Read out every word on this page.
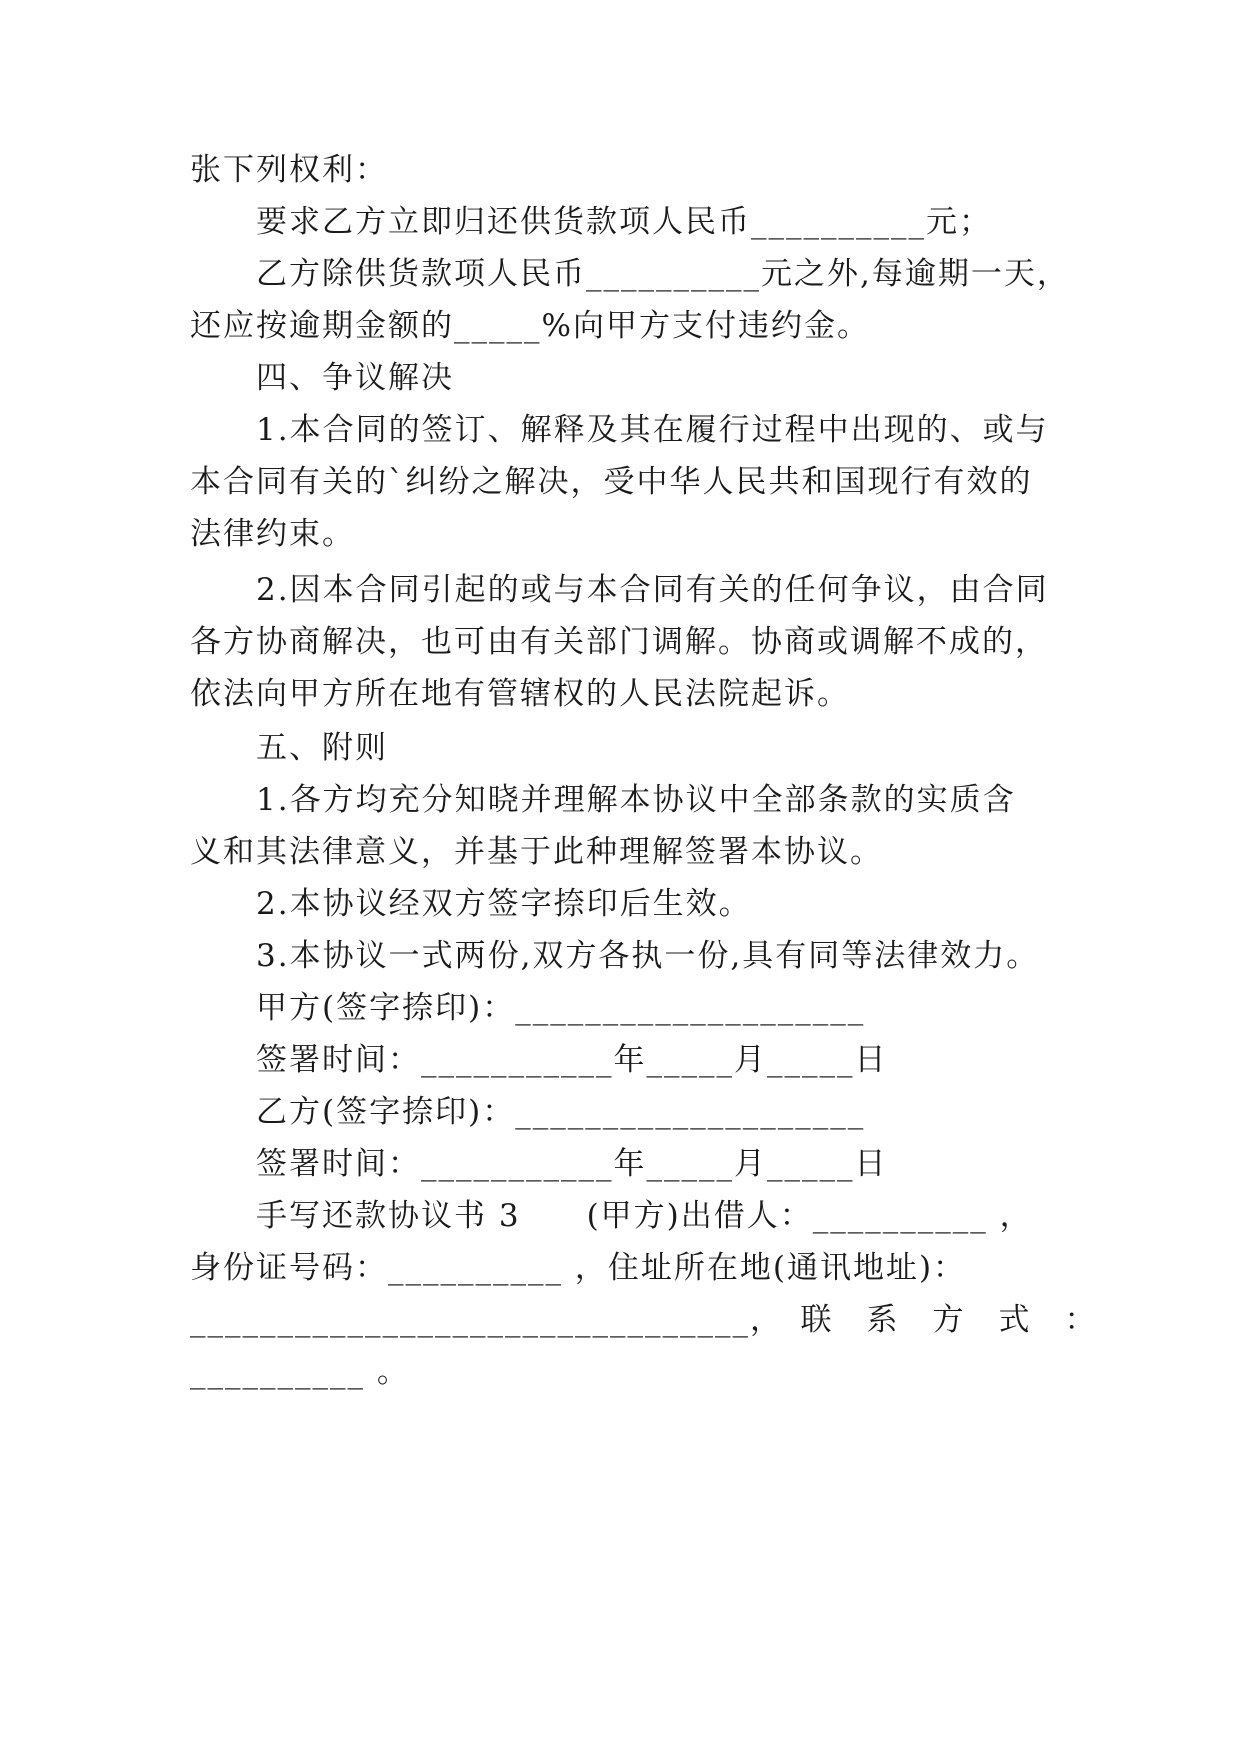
张下列权利：
要求乙方立即归还供货款项人民币__________元；
乙方除供货款项人民币__________元之外,每逾期一天，
还应按逾期金额的_____%向甲方支付违约金。
四、争议解决
1.本合同的签订、解释及其在履行过程中出现的、或与
本合同有关的`纠纷之解决，受中华人民共和国现行有效的
法律约束。
2.因本合同引起的或与本合同有关的任何争议，由合同
各方协商解决，也可由有关部门调解。协商或调解不成的，
依法向甲方所在地有管辖权的人民法院起诉。
五、附则
1.各方均充分知晓并理解本协议中全部条款的实质含
义和其法律意义，并基于此种理解签署本协议。
2.本协议经双方签字捺印后生效。
3.本协议一式两份,双方各执一份,具有同等法律效力。
甲方(签字捺印)：____________________
签署时间：___________年_____月_____日
乙方(签字捺印)：____________________
签署时间：___________年_____月_____日
手写还款协议书 3　　(甲方)出借人：__________ ，
身份证号码：__________ ，住址所在地(通讯地址)：
________________________________，　联　系　方　式　：
__________ 。
